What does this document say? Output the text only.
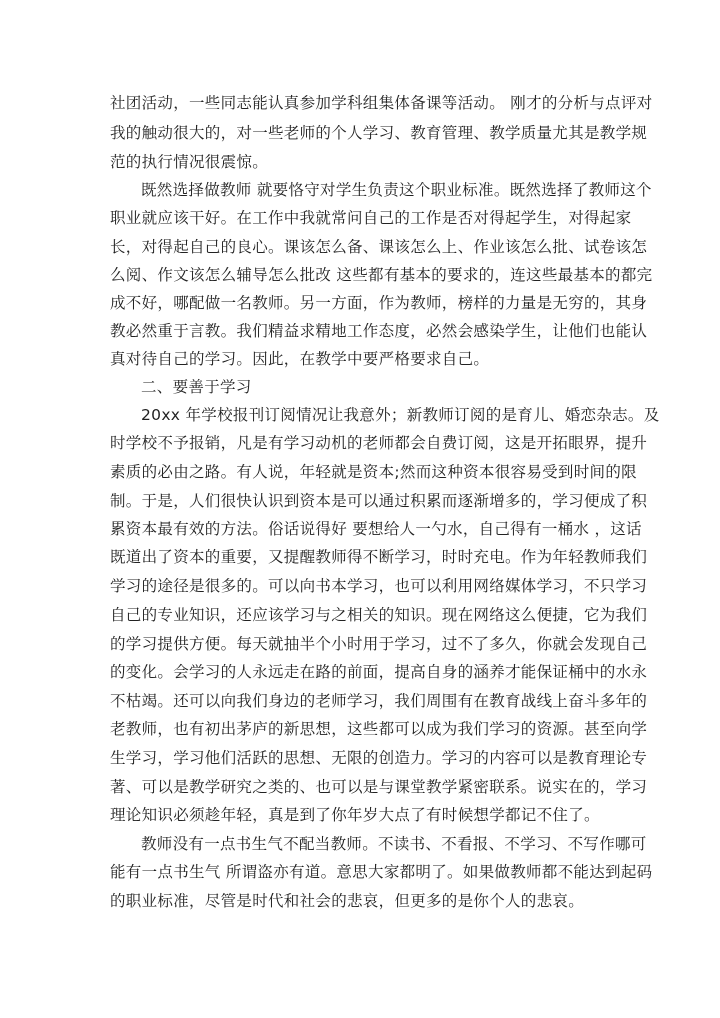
社团活动，一些同志能认真参加学科组集体备课等活动。 刚才的分析与点评对

我的触动很大的，对一些老师的个人学习、教育管理、教学质量尤其是教学规

范的执行情况很震惊。

既然选择做教师 就要恪守对学生负责这个职业标准。既然选择了教师这个

职业就应该干好。在工作中我就常问自己的工作是否对得起学生，对得起家

长，对得起自己的良心。课该怎么备、课该怎么上、作业该怎么批、试卷该怎

么阅、作文该怎么辅导怎么批改 这些都有基本的要求的，连这些最基本的都完

成不好，哪配做一名教师。另一方面，作为教师，榜样的力量是无穷的，其身

教必然重于言教。我们精益求精地工作态度，必然会感染学生，让他们也能认

真对待自己的学习。因此，在教学中要严格要求自己。

二、要善于学习

20xx 年学校报刊订阅情况让我意外；新教师订阅的是育儿、婚恋杂志。及

时学校不予报销，凡是有学习动机的老师都会自费订阅，这是开拓眼界，提升

素质的必由之路。有人说，年轻就是资本;然而这种资本很容易受到时间的限

制。于是，人们很快认识到资本是可以通过积累而逐渐增多的，学习便成了积

累资本最有效的方法。俗话说得好 要想给人一勺水，自己得有一桶水 ，这话

既道出了资本的重要，又提醒教师得不断学习，时时充电。作为年轻教师我们

学习的途径是很多的。可以向书本学习，也可以利用网络媒体学习，不只学习

自己的专业知识，还应该学习与之相关的知识。现在网络这么便捷，它为我们

的学习提供方便。每天就抽半个小时用于学习，过不了多久，你就会发现自己

的变化。会学习的人永远走在路的前面，提高自身的涵养才能保证桶中的水永

不枯竭。还可以向我们身边的老师学习，我们周围有在教育战线上奋斗多年的

老教师，也有初出茅庐的新思想，这些都可以成为我们学习的资源。甚至向学

生学习，学习他们活跃的思想、无限的创造力。学习的内容可以是教育理论专

著、可以是教学研究之类的、也可以是与课堂教学紧密联系。说实在的，学习

理论知识必须趁年轻，真是到了你年岁大点了有时候想学都记不住了。

教师没有一点书生气不配当教师。不读书、不看报、不学习、不写作哪可

能有一点书生气 所谓盗亦有道。意思大家都明了。如果做教师都不能达到起码

的职业标准，尽管是时代和社会的悲哀，但更多的是你个人的悲哀。
